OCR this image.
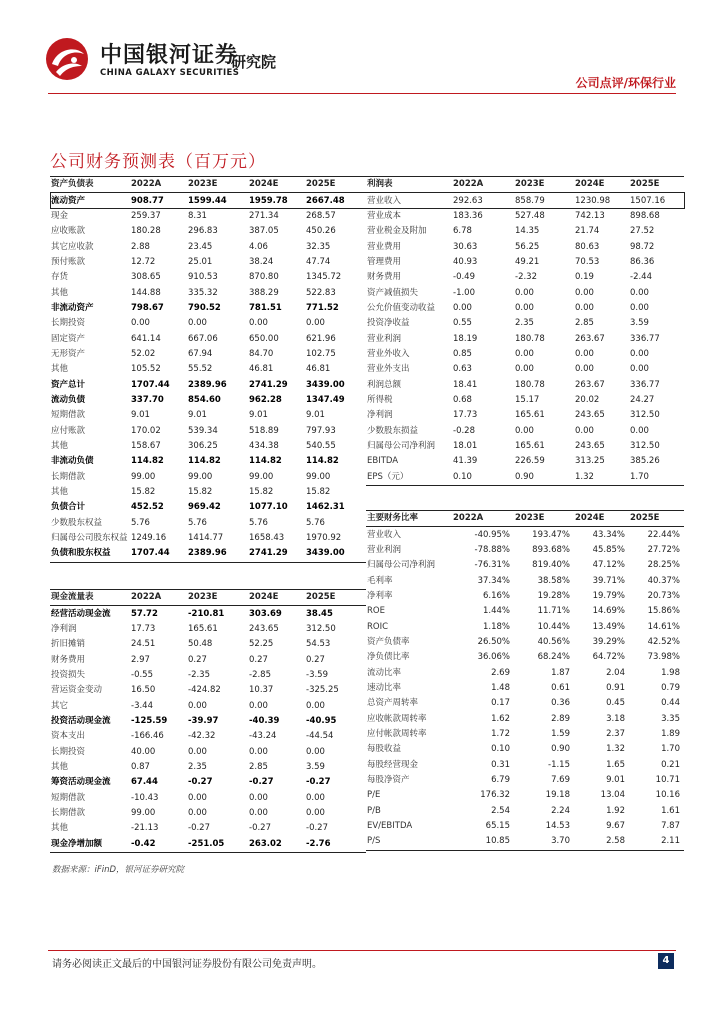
中国银河证券
CHINA GALAXY SECURITIES
研究院
公司点评/环保行业
公司财务预测表（百万元）
资产负债表	2022A	2023E	2024E	2025E
流动资产	908.77	1599.44	1959.78	2667.48
现金	259.37	8.31	271.34	268.57
应收账款	180.28	296.83	387.05	450.26
其它应收款	2.88	23.45	4.06	32.35
预付账款	12.72	25.01	38.24	47.74
存货	308.65	910.53	870.80	1345.72
其他	144.88	335.32	388.29	522.83
非流动资产	798.67	790.52	781.51	771.52
长期投资	0.00	0.00	0.00	0.00
固定资产	641.14	667.06	650.00	621.96
无形资产	52.02	67.94	84.70	102.75
其他	105.52	55.52	46.81	46.81
资产总计	1707.44	2389.96	2741.29	3439.00
流动负债	337.70	854.60	962.28	1347.49
短期借款	9.01	9.01	9.01	9.01
应付账款	170.02	539.34	518.89	797.93
其他	158.67	306.25	434.38	540.55
非流动负债	114.82	114.82	114.82	114.82
长期借款	99.00	99.00	99.00	99.00
其他	15.82	15.82	15.82	15.82
负债合计	452.52	969.42	1077.10	1462.31
少数股东权益	5.76	5.76	5.76	5.76
归属母公司股东权益	1249.16	1414.77	1658.43	1970.92
负债和股东权益	1707.44	2389.96	2741.29	3439.00
利润表	2022A	2023E	2024E	2025E
营业收入	292.63	858.79	1230.98	1507.16
营业成本	183.36	527.48	742.13	898.68
营业税金及附加	6.78	14.35	21.74	27.52
营业费用	30.63	56.25	80.63	98.72
管理费用	40.93	49.21	70.53	86.36
财务费用	-0.49	-2.32	0.19	-2.44
资产减值损失	-1.00	0.00	0.00	0.00
公允价值变动收益	0.00	0.00	0.00	0.00
投资净收益	0.55	2.35	2.85	3.59
营业利润	18.19	180.78	263.67	336.77
营业外收入	0.85	0.00	0.00	0.00
营业外支出	0.63	0.00	0.00	0.00
利润总额	18.41	180.78	263.67	336.77
所得税	0.68	15.17	20.02	24.27
净利润	17.73	165.61	243.65	312.50
少数股东损益	-0.28	0.00	0.00	0.00
归属母公司净利润	18.01	165.61	243.65	312.50
EBITDA	41.39	226.59	313.25	385.26
EPS（元）	0.10	0.90	1.32	1.70
现金流量表	2022A	2023E	2024E	2025E
经营活动现金流	57.72	-210.81	303.69	38.45
净利润	17.73	165.61	243.65	312.50
折旧摊销	24.51	50.48	52.25	54.53
财务费用	2.97	0.27	0.27	0.27
投资损失	-0.55	-2.35	-2.85	-3.59
营运资金变动	16.50	-424.82	10.37	-325.25
其它	-3.44	0.00	0.00	0.00
投资活动现金流	-125.59	-39.97	-40.39	-40.95
资本支出	-166.46	-42.32	-43.24	-44.54
长期投资	40.00	0.00	0.00	0.00
其他	0.87	2.35	2.85	3.59
筹资活动现金流	67.44	-0.27	-0.27	-0.27
短期借款	-10.43	0.00	0.00	0.00
长期借款	99.00	0.00	0.00	0.00
其他	-21.13	-0.27	-0.27	-0.27
现金净增加额	-0.42	-251.05	263.02	-2.76
主要财务比率	2022A	2023E	2024E	2025E
营业收入	-40.95%	193.47%	43.34%	22.44%
营业利润	-78.88%	893.68%	45.85%	27.72%
归属母公司净利润	-76.31%	819.40%	47.12%	28.25%
毛利率	37.34%	38.58%	39.71%	40.37%
净利率	6.16%	19.28%	19.79%	20.73%
ROE	1.44%	11.71%	14.69%	15.86%
ROIC	1.18%	10.44%	13.49%	14.61%
资产负债率	26.50%	40.56%	39.29%	42.52%
净负债比率	36.06%	68.24%	64.72%	73.98%
流动比率	2.69	1.87	2.04	1.98
速动比率	1.48	0.61	0.91	0.79
总资产周转率	0.17	0.36	0.45	0.44
应收帐款周转率	1.62	2.89	3.18	3.35
应付帐款周转率	1.72	1.59	2.37	1.89
每股收益	0.10	0.90	1.32	1.70
每股经营现金	0.31	-1.15	1.65	0.21
每股净资产	6.79	7.69	9.01	10.71
P/E	176.32	19.18	13.04	10.16
P/B	2.54	2.24	1.92	1.61
EV/EBITDA	65.15	14.53	9.67	7.87
P/S	10.85	3.70	2.58	2.11
数据来源：iFinD，银河证券研究院
请务必阅读正文最后的中国银河证券股份有限公司免责声明。	4
